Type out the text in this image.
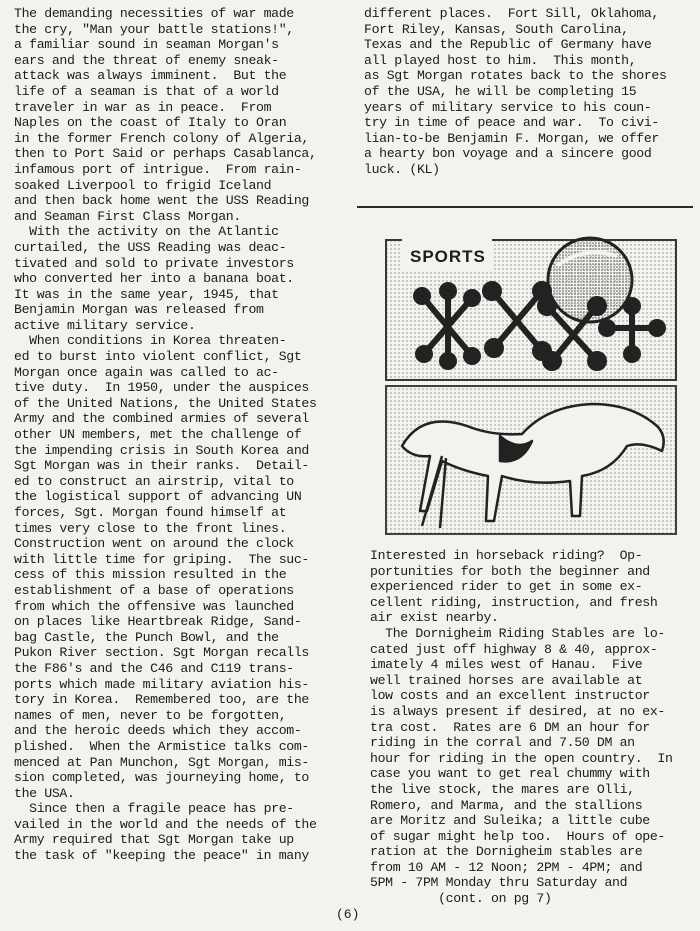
The demanding necessities of war made

the cry, "Man your battle stations!",

a familiar sound in seaman Morgan's

ears and the threat of enemy sneak-

attack was always imminent.  But the

life of a seaman is that of a world

traveler in war as in peace.  From

Naples on the coast of Italy to Oran

in the former French colony of Algeria,

then to Port Said or perhaps Casablanca,

infamous port of intrigue.  From rain-

soaked Liverpool to frigid Iceland

and then back home went the USS Reading

and Seaman First Class Morgan.

With the activity on the Atlantic

curtailed, the USS Reading was deac-

tivated and sold to private investors

who converted her into a banana boat.

It was in the same year, 1945, that

Benjamin Morgan was released from

active military service.

When conditions in Korea threaten-

ed to burst into violent conflict, Sgt

Morgan once again was called to ac-

tive duty.  In 1950, under the auspices

of the United Nations, the United States

Army and the combined armies of several

other UN members, met the challenge of

the impending crisis in South Korea and

Sgt Morgan was in their ranks.  Detail-

ed to construct an airstrip, vital to

the logistical support of advancing UN

forces, Sgt. Morgan found himself at

times very close to the front lines.

Construction went on around the clock

with little time for griping.  The suc-

cess of this mission resulted in the

establishment of a base of operations

from which the offensive was launched

on places like Heartbreak Ridge, Sand-

bag Castle, the Punch Bowl, and the

Pukon River section. Sgt Morgan recalls

the F86's and the C46 and C119 trans-

ports which made military aviation his-

tory in Korea.  Remembered too, are the

names of men, never to be forgotten,

and the heroic deeds which they accom-

plished.  When the Armistice talks com-

menced at Pan Munchon, Sgt Morgan, mis-

sion completed, was journeying home, to

the USA.

Since then a fragile peace has pre-

vailed in the world and the needs of the

Army required that Sgt Morgan take up

the task of "keeping the peace" in many

different places.  Fort Sill, Oklahoma,

Fort Riley, Kansas, South Carolina,

Texas and the Republic of Germany have

all played host to him.  This month,

as Sgt Morgan rotates back to the shores

of the USA, he will be completing 15

years of military service to his coun-

try in time of peace and war.  To civi-

lian-to-be Benjamin F. Morgan, we offer

a hearty bon voyage and a sincere good

luck. (KL)

SPORTS

Interested in horseback riding?  Op-

portunities for both the beginner and

experienced rider to get in some ex-

cellent riding, instruction, and fresh

air exist nearby.

The Dornigheim Riding Stables are lo-

cated just off highway 8 & 40, approx-

imately 4 miles west of Hanau.  Five

well trained horses are available at

low costs and an excellent instructor

is always present if desired, at no ex-

tra cost.  Rates are 6 DM an hour for

riding in the corral and 7.50 DM an

hour for riding in the open country.  In

case you want to get real chummy with

the live stock, the mares are Olli,

Romero, and Marma, and the stallions

are Moritz and Suleika; a little cube

of sugar might help too.  Hours of ope-

ration at the Dornigheim stables are

from 10 AM - 12 Noon; 2PM - 4PM; and

5PM - 7PM Monday thru Saturday and

(cont. on pg 7)

(6)
